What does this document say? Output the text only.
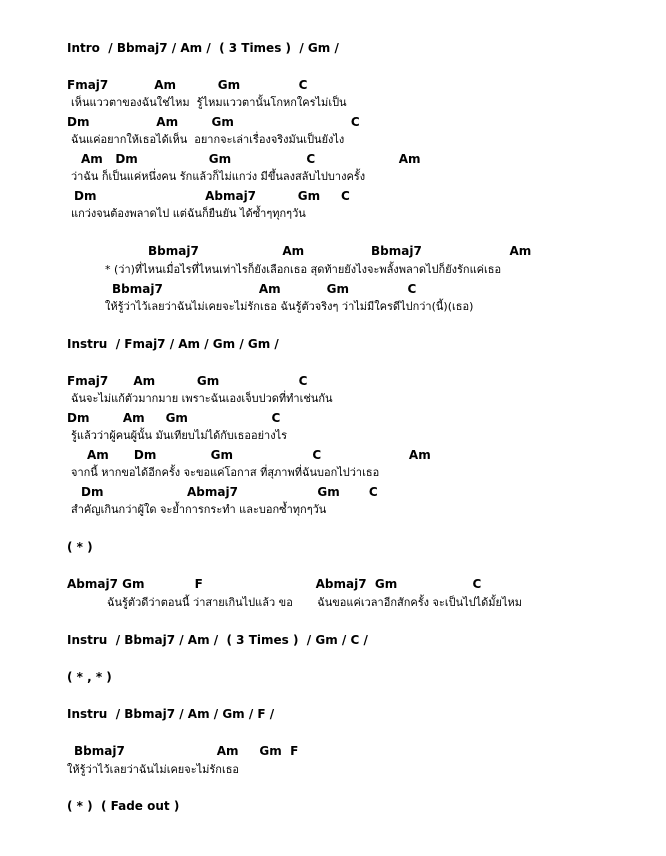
Intro  / Bbmaj7 / Am /  ( 3 Times )  / Gm /

Fmaj7           Am          Gm              C

เห็นแววตาของฉันใช่ไหม  รู้ไหมแววตานั้นโกหกใครไม่เป็น

Dm                Am        Gm                            C

ฉันแค่อยากให้เธอได้เห็น  อยากจะเล่าเรื่องจริงมันเป็นยังไง

Am   Dm                 Gm                  C                    Am

ว่าฉัน ก็เป็นแค่หนึ่งคน รักแล้วก็ไม่แกว่ง มีขึ้นลงสลับไปบางครั้ง

Dm                          Abmaj7          Gm     C

แกว่งจนต้องพลาดไป แต่ฉันก็ยืนยัน ได้ซ้ำๆทุกๆวัน

Bbmaj7                    Am                Bbmaj7                     Am

* (ว่า)ที่ไหนเมื่อไรที่ไหนเท่าไรก็ยังเลือกเธอ สุดท้ายยังไงจะพลั้งพลาดไปก็ยังรักแค่เธอ

Bbmaj7                       Am           Gm              C

ให้รู้ว่าไว้เลยว่าฉันไม่เคยจะไม่รักเธอ ฉันรู้ตัวจริงๆ ว่าไม่มีใครดีไปกว่า(นี้)(เธอ)

Instru  / Fmaj7 / Am / Gm / Gm /

Fmaj7      Am          Gm                   C

ฉันจะไม่แก้ตัวมากมาย เพราะฉันเองเจ็บปวดที่ทำเช่นกัน

Dm        Am     Gm                    C

รู้แล้วว่าผู้คนผู้นั้น มันเทียบไม่ได้กับเธออย่างไร

Am      Dm             Gm                   C                     Am

จากนี้ หากขอได้อีกครั้ง จะขอแค่โอกาส ที่สุภาพที่ฉันบอกไปว่าเธอ

Dm                    Abmaj7                   Gm       C

สำคัญเกินกว่าผู้ใด จะย้ำการกระทำ และบอกซ้ำทุกๆวัน

( * )

Abmaj7 Gm            F                           Abmaj7  Gm                  C

ฉันรู้ตัวดีว่าตอนนี้ ว่าสายเกินไปแล้ว ขอ       ฉันขอแค่เวลาอีกสักครั้ง จะเป็นไปได้มั้ยไหม

Instru  / Bbmaj7 / Am /  ( 3 Times )  / Gm / C /

( * , * )

Instru  / Bbmaj7 / Am / Gm / F /

Bbmaj7                      Am     Gm  F

ให้รู้ว่าไว้เลยว่าฉันไม่เคยจะไม่รักเธอ

( * )  ( Fade out )
